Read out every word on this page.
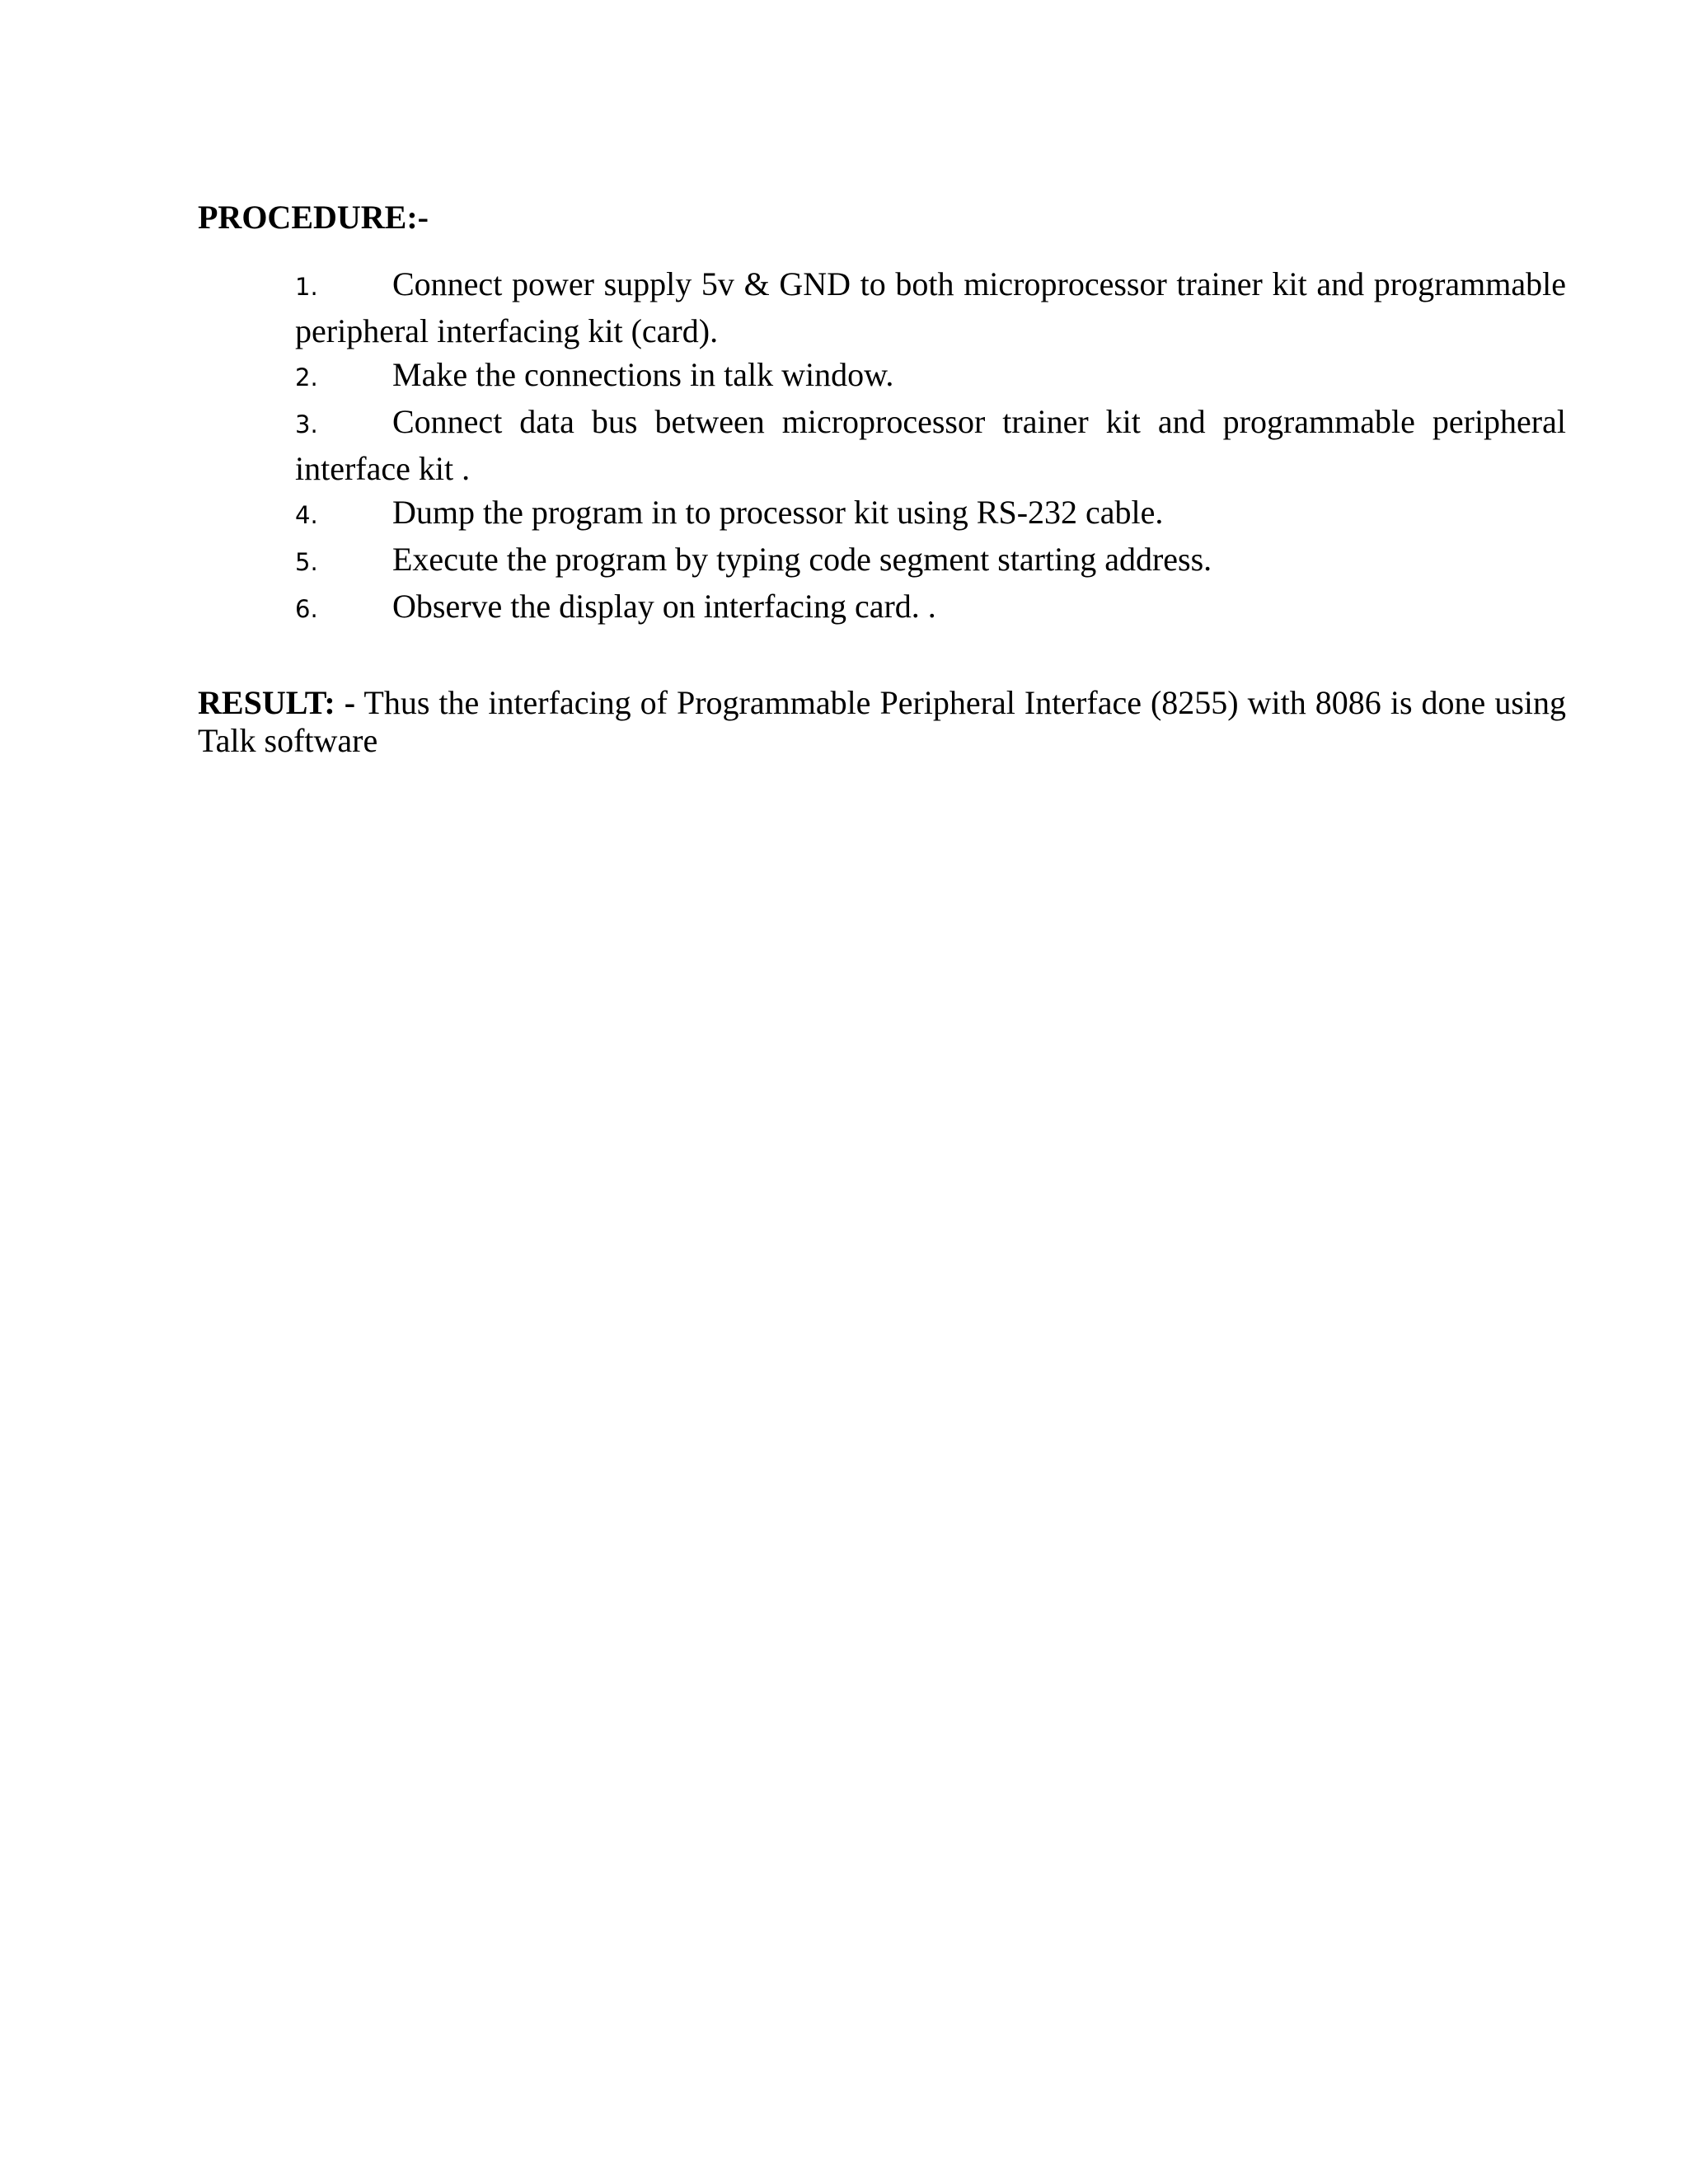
PROCEDURE:-
1. Connect power supply 5v & GND to both microprocessor trainer kit and programmable peripheral interfacing kit (card).
2. Make the connections in talk window.
3. Connect data bus between microprocessor trainer kit and programmable peripheral interface kit .
4. Dump the program in to processor kit using RS-232 cable.
5. Execute the program by typing code segment starting address.
6. Observe the display on interfacing card. .

RESULT: - Thus the interfacing of Programmable Peripheral Interface (8255) with 8086 is done using Talk software
